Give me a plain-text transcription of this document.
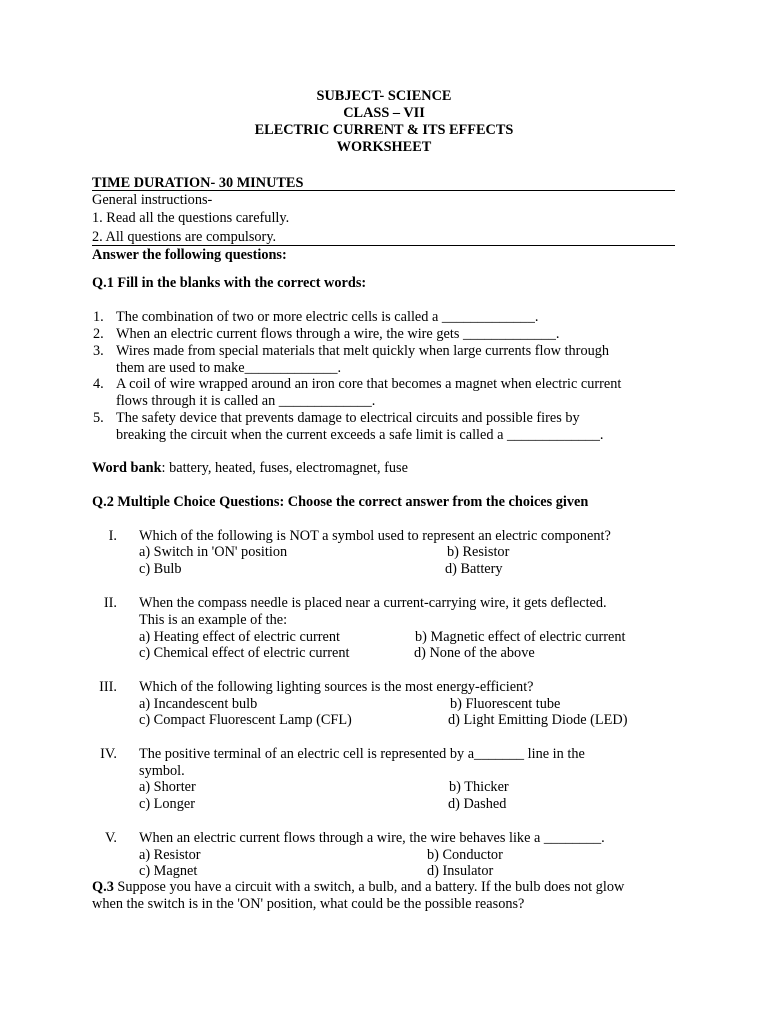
SUBJECT- SCIENCE
CLASS – VII
ELECTRIC CURRENT & ITS EFFECTS
WORKSHEET
TIME DURATION- 30 MINUTES
General instructions-
1. Read all the questions carefully.
2. All questions are compulsory.
Answer the following questions:
Q.1 Fill in the blanks with the correct words:
1. The combination of two or more electric cells is called a _____________.
2. When an electric current flows through a wire, the wire gets _____________.
3. Wires made from special materials that melt quickly when large currents flow through
them are used to make_____________.
4. A coil of wire wrapped around an iron core that becomes a magnet when electric current
flows through it is called an _____________.
5. The safety device that prevents damage to electrical circuits and possible fires by
breaking the circuit when the current exceeds a safe limit is called a _____________.
Word bank: battery, heated, fuses, electromagnet, fuse
Q.2 Multiple Choice Questions: Choose the correct answer from the choices given
I. Which of the following is NOT a symbol used to represent an electric component?
a) Switch in 'ON' position	b) Resistor
c) Bulb	d) Battery
II. When the compass needle is placed near a current-carrying wire, it gets deflected.
This is an example of the:
a) Heating effect of electric current	b) Magnetic effect of electric current
c) Chemical effect of electric current	d) None of the above
III. Which of the following lighting sources is the most energy-efficient?
a) Incandescent bulb	b) Fluorescent tube
c) Compact Fluorescent Lamp (CFL)	d) Light Emitting Diode (LED)
IV. The positive terminal of an electric cell is represented by a_______ line in the
symbol.
a) Shorter	b) Thicker
c) Longer	d) Dashed
V. When an electric current flows through a wire, the wire behaves like a ________.
a) Resistor	b) Conductor
c) Magnet	d) Insulator
Q.3 Suppose you have a circuit with a switch, a bulb, and a battery. If the bulb does not glow
when the switch is in the 'ON' position, what could be the possible reasons?
